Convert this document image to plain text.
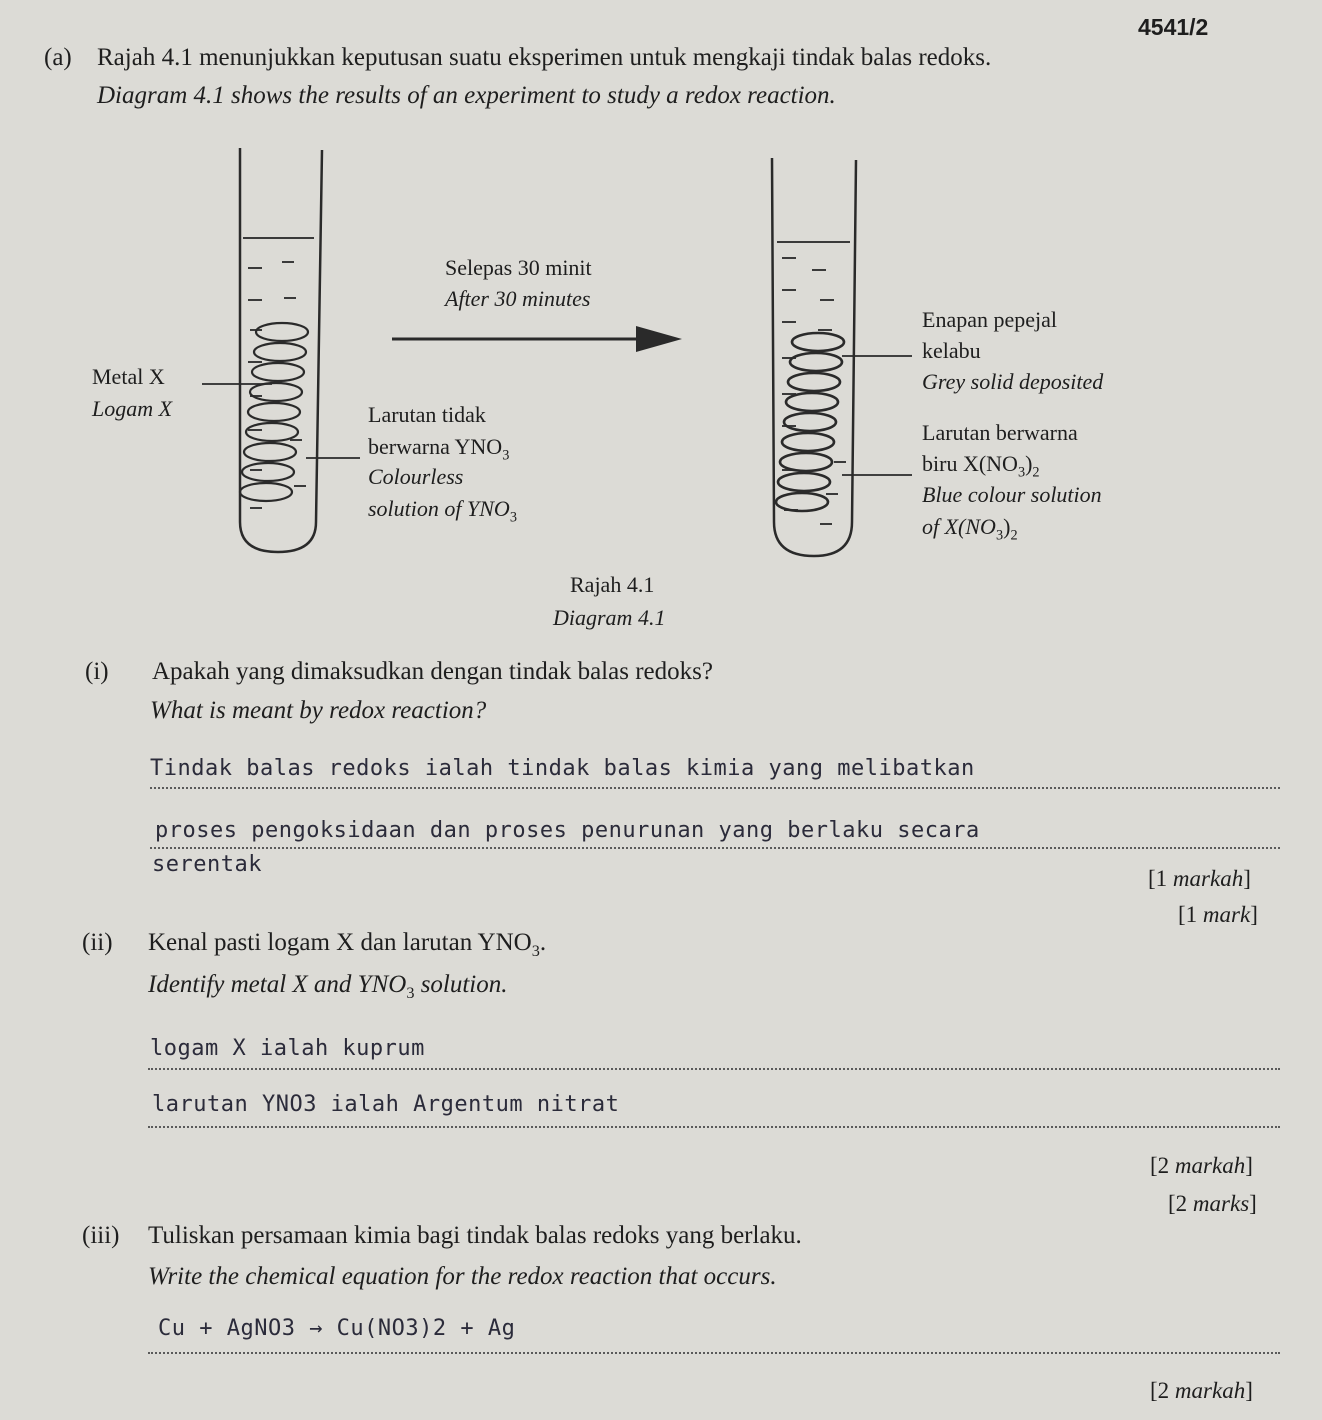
4541/2
(a) Rajah 4.1 menunjukkan keputusan suatu eksperimen untuk mengkaji tindak balas redoks.
Diagram 4.1 shows the results of an experiment to study a redox reaction.
Metal X
Logam X
Selepas 30 minit
After 30 minutes
Larutan tidak
berwarna $YNO_3$
Colourless
solution of $YNO_3$
Enapan pepejal
kelabu
Grey solid deposited
Larutan berwarna
biru $X(NO_3)_2$
Blue colour solution
of $X(NO_3)_2$
Rajah 4.1
Diagram 4.1
(i) Apakah yang dimaksudkan dengan tindak balas redoks?
What is meant by redox reaction?
Tindak balas redoks ialah tindak balas kimia yang melibatkan
proses pengoksidaan dan proses penurunan yang berlaku secara
serentak
[1 markah]
[1 mark]
(ii) Kenal pasti logam X dan larutan $YNO_3$.
Identify metal X and $YNO_3$ solution.
logam X ialah kuprum
larutan YNO3 ialah Argentum nitrat
[2 markah]
[2 marks]
(iii) Tuliskan persamaan kimia bagi tindak balas redoks yang berlaku.
Write the chemical equation for the redox reaction that occurs.
Cu + AgNO3 → Cu(NO3)2 + Ag
[2 markah]
